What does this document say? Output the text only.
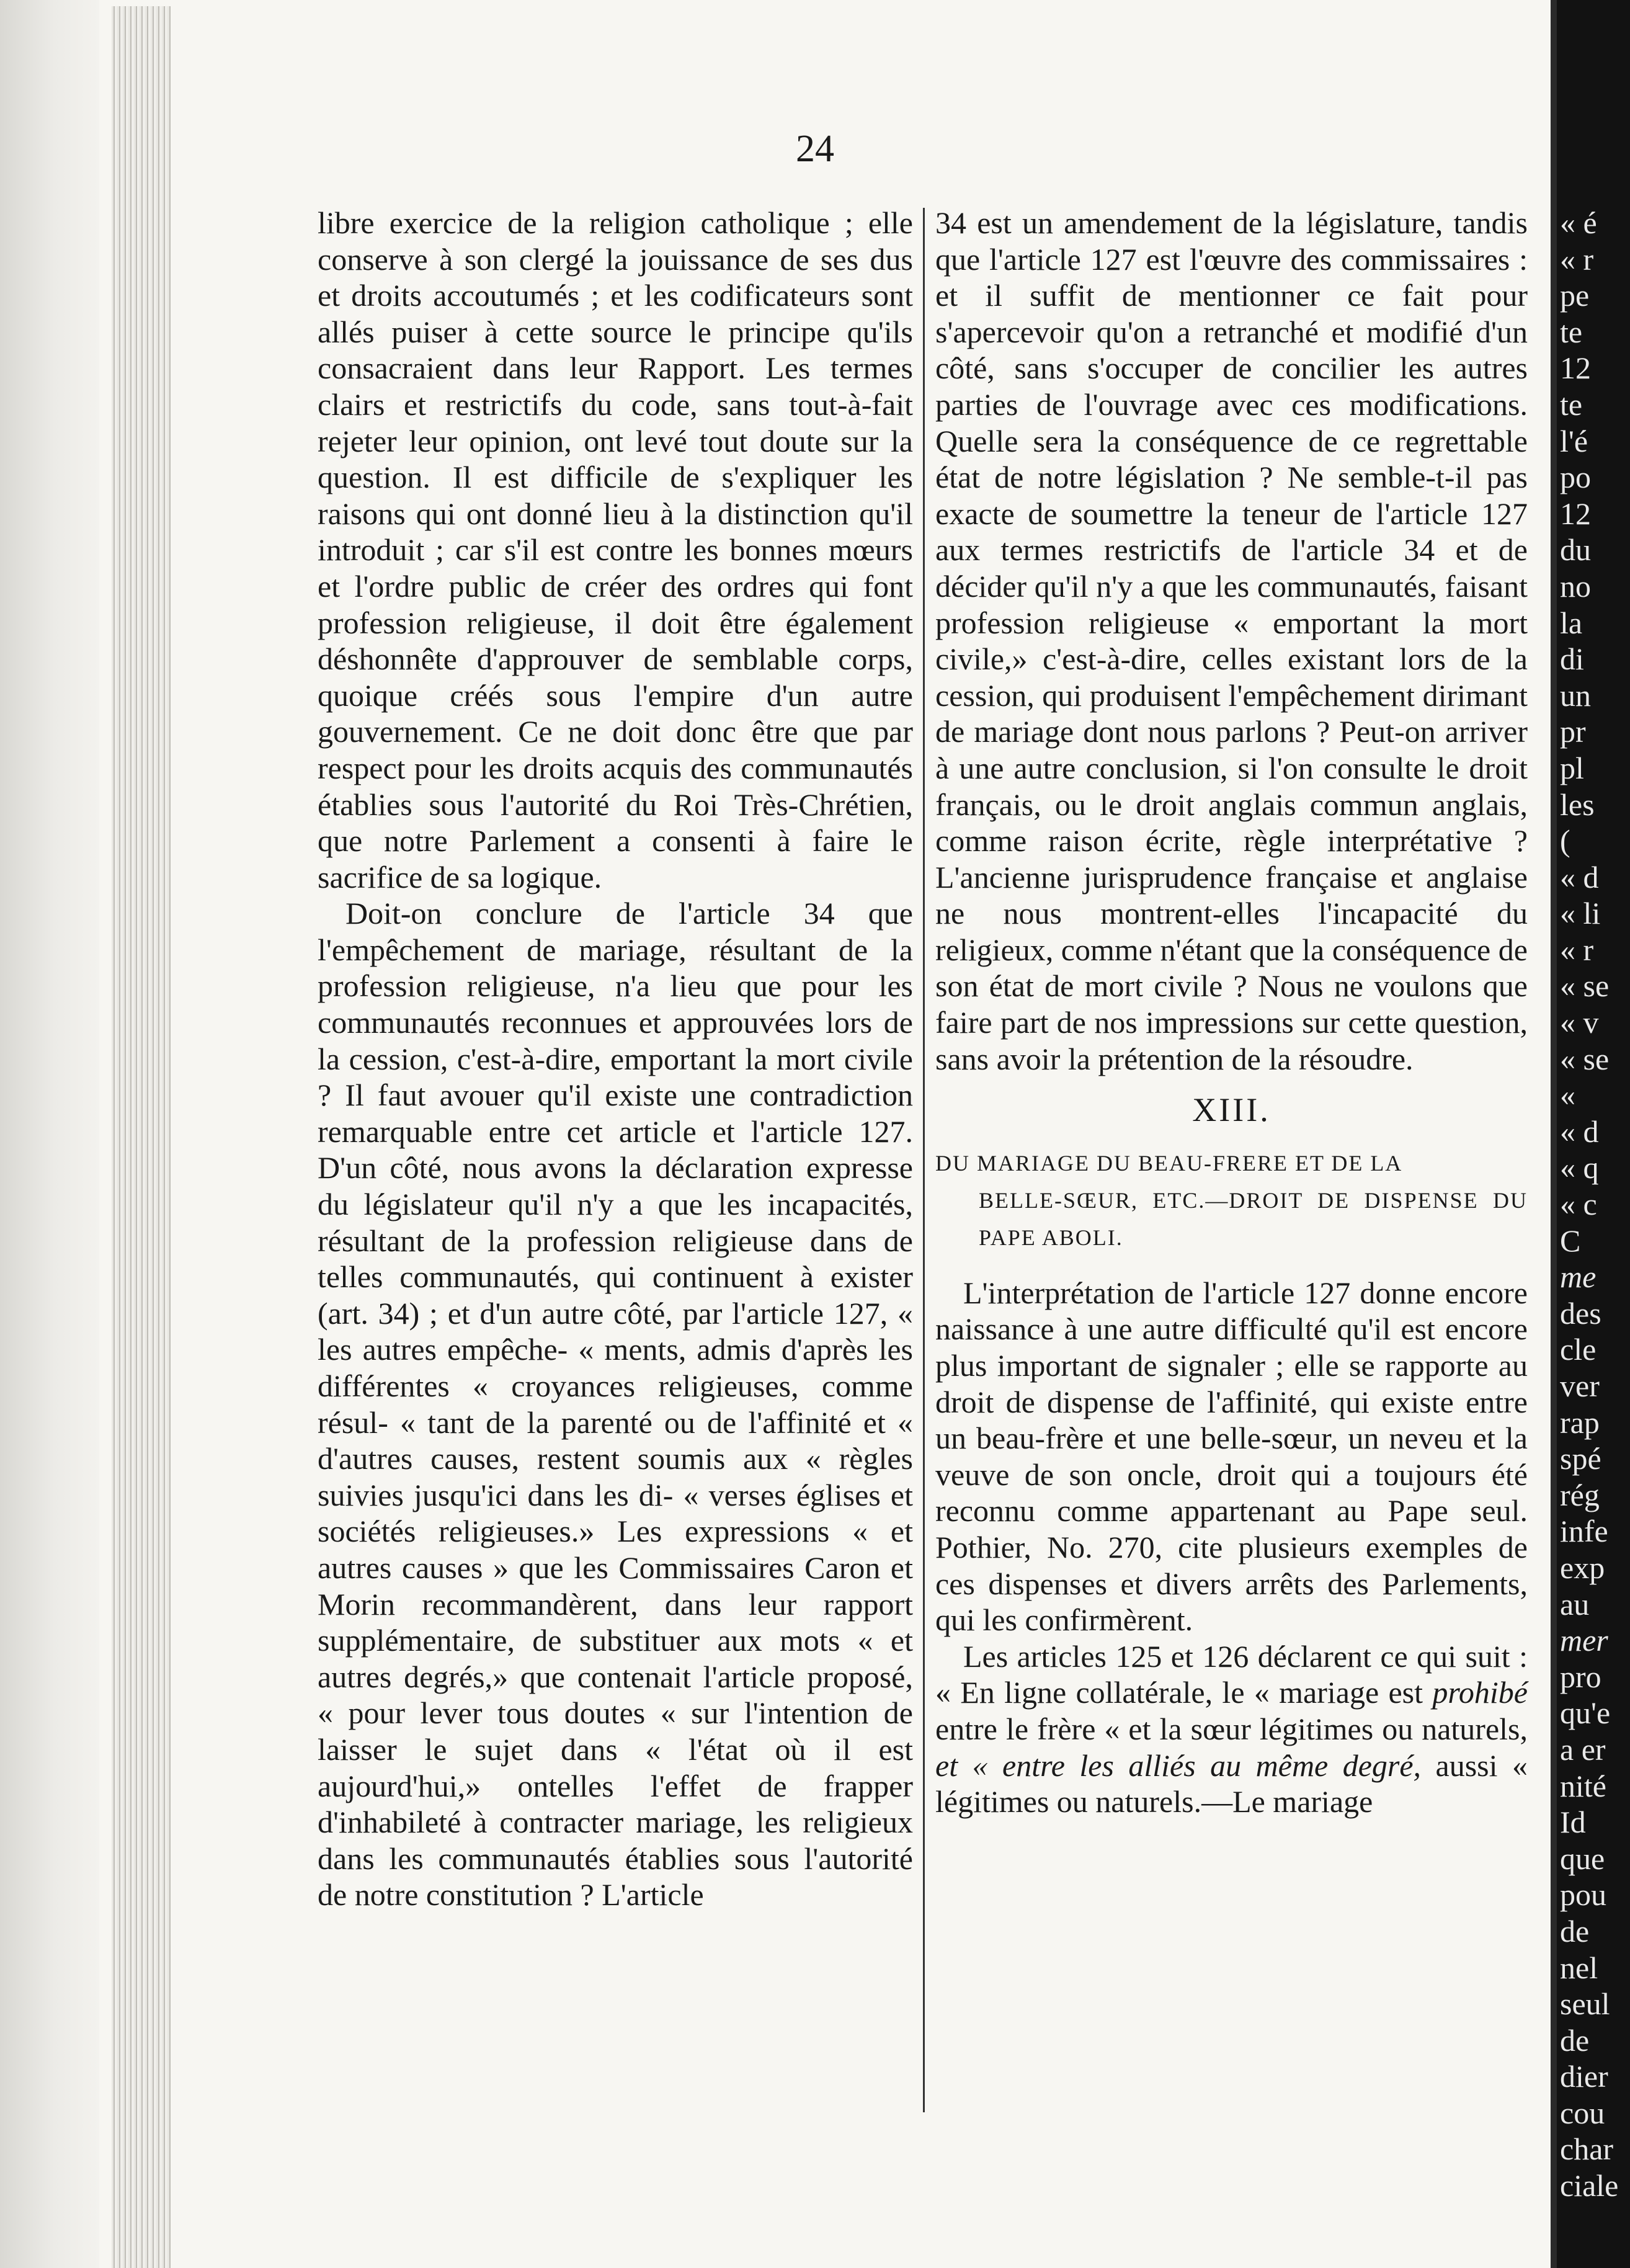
24

libre exercice de la religion catholique ; elle conserve à son clergé la jouissance de ses dus et droits accoutumés ; et les codificateurs sont allés puiser à cette source le principe qu'ils consacraient dans leur Rapport. Les termes clairs et restrictifs du code, sans tout-à-fait rejeter leur opinion, ont levé tout doute sur la question. Il est difficile de s'expliquer les raisons qui ont donné lieu à la distinction qu'il introduit ; car s'il est contre les bonnes mœurs et l'ordre public de créer des ordres qui font profession religieuse, il doit être également déshonnête d'approuver de semblable corps, quoique créés sous l'empire d'un autre gouvernement. Ce ne doit donc être que par respect pour les droits acquis des communautés établies sous l'autorité du Roi Très-Chrétien, que notre Parlement a consenti à faire le sacrifice de sa logique.

Doit-on conclure de l'article 34 que l'empêchement de mariage, résultant de la profession religieuse, n'a lieu que pour les communautés reconnues et approuvées lors de la cession, c'est-à-dire, emportant la mort civile ? Il faut avouer qu'il existe une contradiction remarquable entre cet article et l'article 127. D'un côté, nous avons la déclaration expresse du législateur qu'il n'y a que les incapacités, résultant de la profession religieuse dans de telles communautés, qui continuent à exister (art. 34) ; et d'un autre côté, par l'article 127, « les autres empêche- « ments, admis d'après les différentes « croyances religieuses, comme résul- « tant de la parenté ou de l'affinité et « d'autres causes, restent soumis aux « règles suivies jusqu'ici dans les di- « verses églises et sociétés religieuses.» Les expressions « et autres causes » que les Commissaires Caron et Morin recommandèrent, dans leur rapport supplémentaire, de substituer aux mots « et autres degrés,» que contenait l'article proposé, « pour lever tous doutes « sur l'intention de laisser le sujet dans « l'état où il est aujourd'hui,» ontelles l'effet de frapper d'inhabileté à contracter mariage, les religieux dans les communautés établies sous l'autorité de notre constitution ? L'article

34 est un amendement de la législature, tandis que l'article 127 est l'œuvre des commissaires : et il suffit de mentionner ce fait pour s'apercevoir qu'on a retranché et modifié d'un côté, sans s'occuper de concilier les autres parties de l'ouvrage avec ces modifications. Quelle sera la conséquence de ce regrettable état de notre législation ? Ne semble-t-il pas exacte de soumettre la teneur de l'article 127 aux termes restrictifs de l'article 34 et de décider qu'il n'y a que les communautés, faisant profession religieuse « emportant la mort civile,» c'est-à-dire, celles existant lors de la cession, qui produisent l'empêchement dirimant de mariage dont nous parlons ? Peut-on arriver à une autre conclusion, si l'on consulte le droit français, ou le droit anglais commun anglais, comme raison écrite, règle interprétative ? L'ancienne jurisprudence française et anglaise ne nous montrent-elles l'incapacité du religieux, comme n'étant que la conséquence de son état de mort civile ? Nous ne voulons que faire part de nos impressions sur cette question, sans avoir la prétention de la résoudre.

XIII.
DU MARIAGE DU BEAU-FRERE ET DE LA
BELLE-SŒUR, ETC.—DROIT DE DISPENSE DU PAPE ABOLI.

L'interprétation de l'article 127 donne encore naissance à une autre difficulté qu'il est encore plus important de signaler ; elle se rapporte au droit de dispense de l'affinité, qui existe entre un beau-frère et une belle-sœur, un neveu et la veuve de son oncle, droit qui a toujours été reconnu comme appartenant au Pape seul. Pothier, No. 270, cite plusieurs exemples de ces dispenses et divers arrêts des Parlements, qui les confirmèrent.

Les articles 125 et 126 déclarent ce qui suit : « En ligne collatérale, le « mariage est prohibé entre le frère « et la sœur légitimes ou naturels, et « entre les alliés au même degré, aussi « légitimes ou naturels.—Le mariage

« é
« r
pe
te
12
te
l'é
po
12
du
no
la
di
un
pr
pl
les
(
« d
« li
« r
« se
« v
« se
«
« d
« q
« c
C
me
des
cle
ver
rap
spé
rég
infe
exp
au
mer
pro
qu'e
a er
nité
Id
que
pou
de
nel
seul
de
dier
cou
char
ciale
